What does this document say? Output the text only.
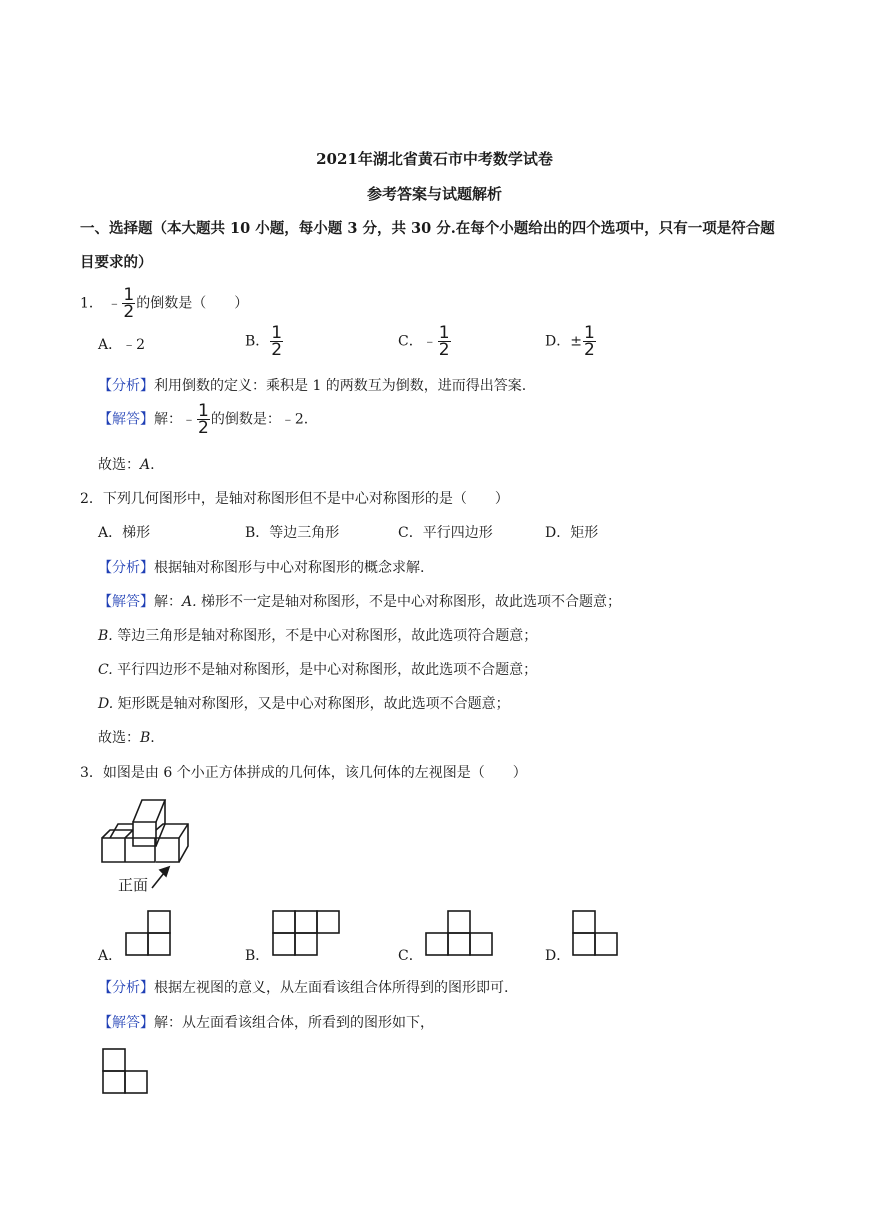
2021年湖北省黄石市中考数学试卷
参考答案与试题解析
一、选择题（本大题共 10 小题，每小题 3 分，共 30 分.在每个小题给出的四个选项中，只有一项是符合题
目要求的）
1． ﹣ $\frac{1}{2}$ 的倒数是（　　）
A．﹣2	B． $\frac{1}{2}$	C．﹣ $\frac{1}{2}$	D．± $\frac{1}{2}$
【分析】利用倒数的定义：乘积是 1 的两数互为倒数，进而得出答案.
【解答】解：﹣ $\frac{1}{2}$ 的倒数是：﹣2.
故选：A.
2．下列几何图形中，是轴对称图形但不是中心对称图形的是（　　）
A．梯形	B．等边三角形	C．平行四边形	D．矩形
【分析】根据轴对称图形与中心对称图形的概念求解.
【解答】解：A. 梯形不一定是轴对称图形，不是中心对称图形，故此选项不合题意；
B. 等边三角形是轴对称图形，不是中心对称图形，故此选项符合题意；
C. 平行四边形不是轴对称图形，是中心对称图形，故此选项不合题意；
D. 矩形既是轴对称图形，又是中心对称图形，故此选项不合题意；
故选：B.
3．如图是由 6 个小正方体拼成的几何体，该几何体的左视图是（　　）
正面
A．	B．	C．	D．
【分析】根据左视图的意义，从左面看该组合体所得到的图形即可.
【解答】解：从左面看该组合体，所看到的图形如下，
